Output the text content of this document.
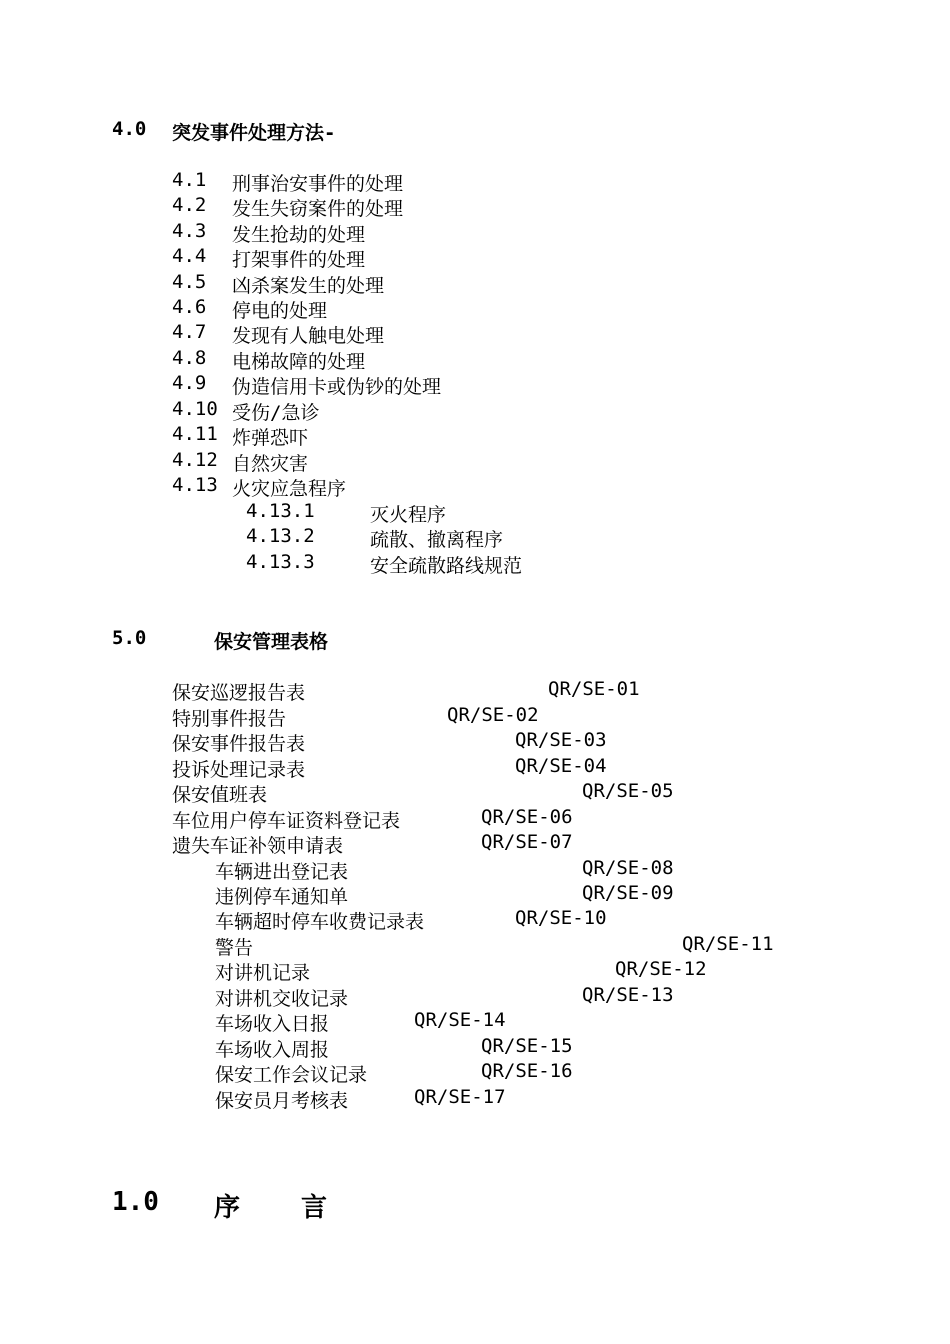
4.0 突发事件处理方法-
4.1 刑事治安事件的处理
4.2 发生失窃案件的处理
4.3 发生抢劫的处理
4.4 打架事件的处理
4.5 凶杀案发生的处理
4.6 停电的处理
4.7 发现有人触电处理
4.8 电梯故障的处理
4.9 伪造信用卡或伪钞的处理
4.10 受伤/急诊
4.11 炸弹恐吓
4.12 自然灾害
4.13 火灾应急程序
4.13.1	灭火程序
4.13.2	疏散、撤离程序
4.13.3	安全疏散路线规范
5.0	保安管理表格
保安巡逻报告表	QR/SE-01
特别事件报告	QR/SE-02
保安事件报告表	QR/SE-03
投诉处理记录表	QR/SE-04
保安值班表	QR/SE-05
车位用户停车证资料登记表	QR/SE-06
遗失车证补领申请表	QR/SE-07
车辆进出登记表	QR/SE-08
违例停车通知单	QR/SE-09
车辆超时停车收费记录表	QR/SE-10
警告	QR/SE-11
对讲机记录	QR/SE-12
对讲机交收记录	QR/SE-13
车场收入日报	QR/SE-14
车场收入周报	QR/SE-15
保安工作会议记录	QR/SE-16
保安员月考核表	QR/SE-17
1.0 序 言
